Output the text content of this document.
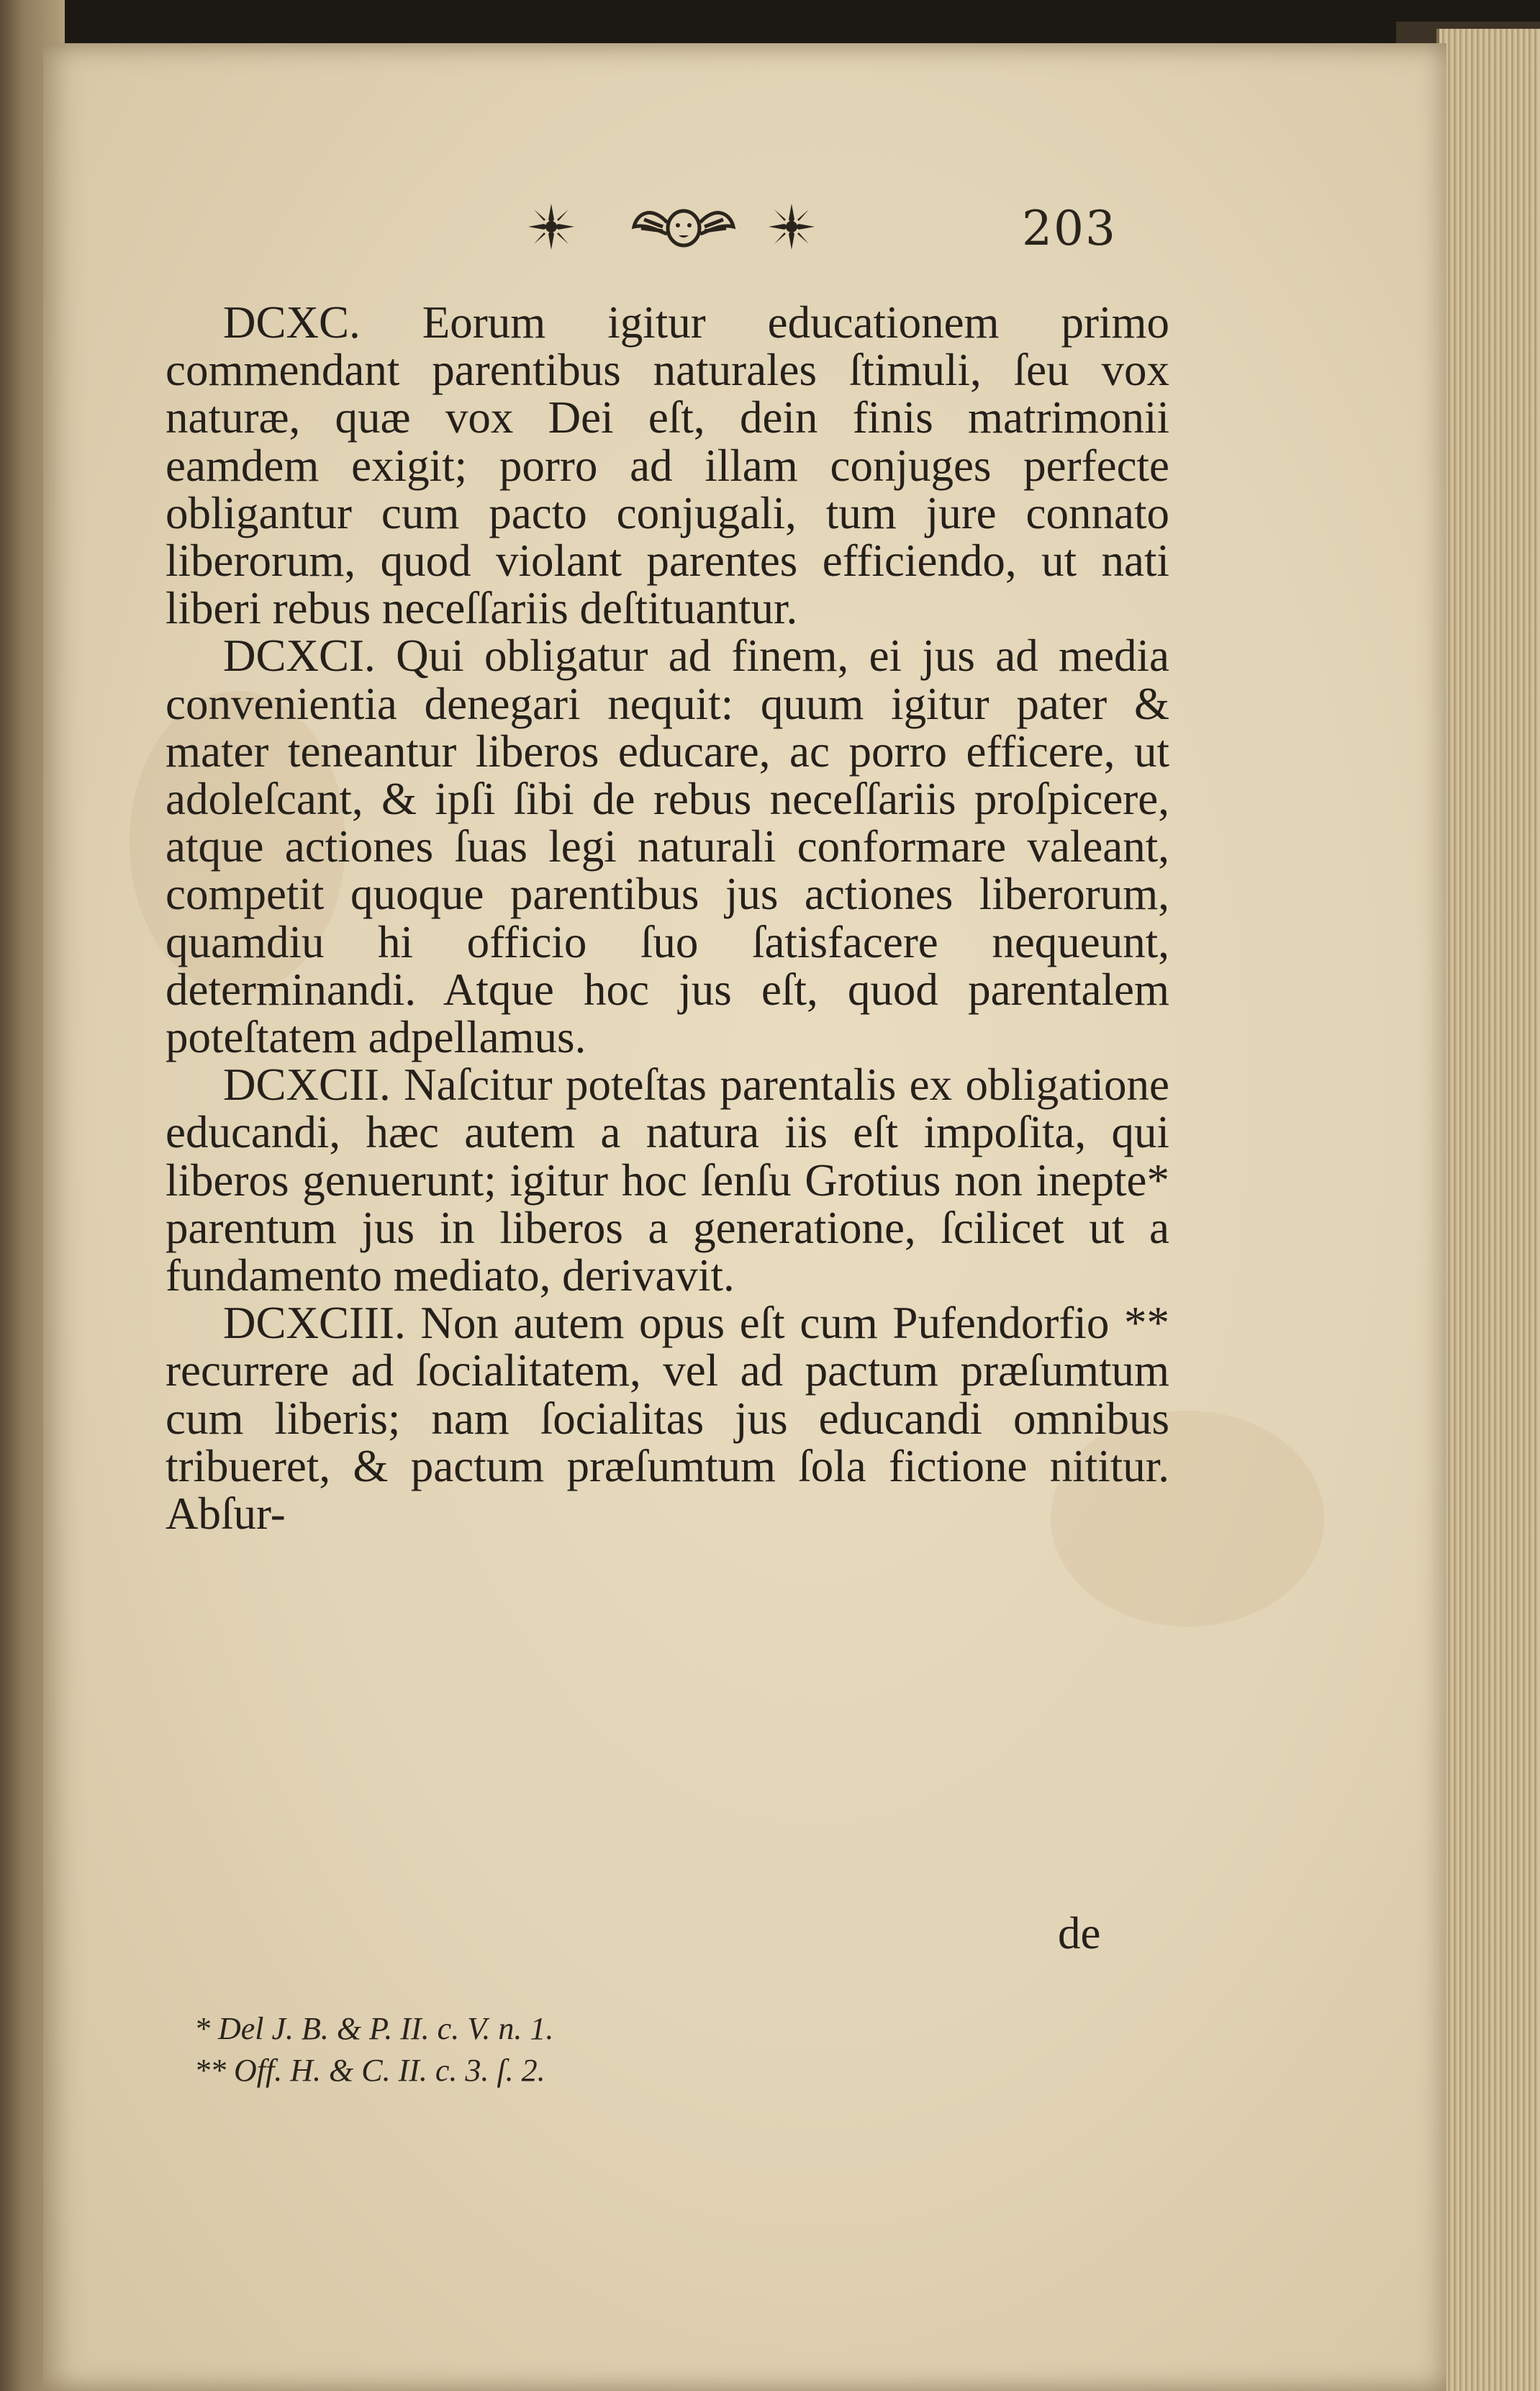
203

DCXC. Eorum igitur educationem primo commendant parentibus naturales ſtimuli, ſeu vox naturæ, quæ vox Dei eſt, dein finis matrimonii eamdem exigit; porro ad illam conjuges perfecte obligantur cum pacto conjugali, tum jure connato liberorum, quod violant parentes efficiendo, ut nati liberi rebus neceſſariis deſtituantur.

DCXCI. Qui obligatur ad finem, ei jus ad media convenientia denegari nequit: quum igitur pater & mater teneantur liberos educare, ac porro efficere, ut adoleſcant, & ipſi ſibi de rebus neceſſariis proſpicere, atque actiones ſuas legi naturali conformare valeant, competit quoque parentibus jus actiones liberorum, quamdiu hi officio ſuo ſatisfacere nequeunt, determinandi. Atque hoc jus eſt, quod parentalem poteſtatem adpellamus.

DCXCII. Naſcitur poteſtas parentalis ex obligatione educandi, hæc autem a natura iis eſt impoſita, qui liberos genuerunt; igitur hoc ſenſu Grotius non inepte* parentum jus in liberos a generatione, ſcilicet ut a fundamento mediato, derivavit.

DCXCIII. Non autem opus eſt cum Pufendorfio ** recurrere ad ſocialitatem, vel ad pactum præſumtum cum liberis; nam ſocialitas jus educandi omnibus tribueret, & pactum præſumtum ſola fictione nititur. Abſur-

de

* Del J. B. & P. II. c. V. n. 1.

** Off. H. & C. II. c. 3. ſ. 2.
